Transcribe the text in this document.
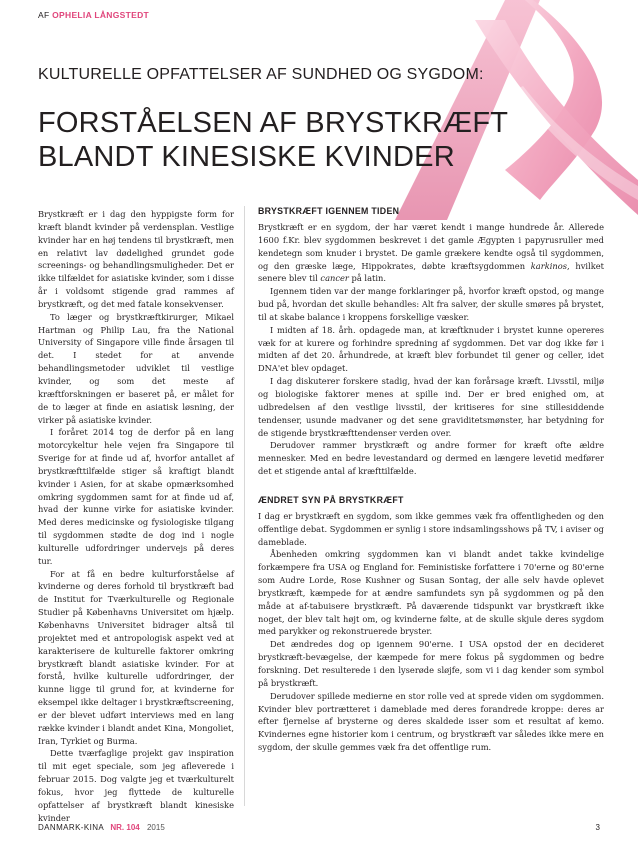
AF OPHELIA LÅNGSTEDT
KULTURELLE OPFATTELSER AF SUNDHED OG SYGDOM:
FORSTÅELSEN AF BRYSTKRÆFT
BLANDT KINESISKE KVINDER

Brystkræft er i dag den hyppigste form for kræft blandt kvinder på verdensplan. Vestlige kvinder har en høj tendens til brystkræft, men en relativt lav dødelighed grundet gode screenings- og behandlingsmuligheder. Det er ikke tilfældet for asiatiske kvinder, som i disse år i voldsomt stigende grad rammes af brystkræft, og det med fatale konsekvenser.

To læger og brystkræftkirurger, Mikael Hartman og Philip Lau, fra the National University of Singapore ville finde årsagen til det. I stedet for at anvende behandlingsmetoder udviklet til vestlige kvinder, og som det meste af kræftforskningen er baseret på, er målet for de to læger at finde en asiatisk løsning, der virker på asiatiske kvinder.

I foråret 2014 tog de derfor på en lang motorcykeltur hele vejen fra Singapore til Sverige for at finde ud af, hvorfor antallet af brystkræfttilfælde stiger så kraftigt blandt kvinder i Asien, for at skabe opmærksomhed omkring sygdommen samt for at finde ud af, hvad der kunne virke for asiatiske kvinder. Med deres medicinske og fysiologiske tilgang til sygdommen stødte de dog ind i nogle kulturelle udfordringer undervejs på deres tur.

For at få en bedre kulturforståelse af kvinderne og deres forhold til brystkræft bad de Institut for Tværkulturelle og Regionale Studier på Københavns Universitet om hjælp. Københavns Universitet bidrager altså til projektet med et antropologisk aspekt ved at karakterisere de kulturelle faktorer omkring brystkræft blandt asiatiske kvinder. For at forstå, hvilke kulturelle udfordringer, der kunne ligge til grund for, at kvinderne for eksempel ikke deltager i brystkræftscreening, er der blevet udført interviews med en lang række kvinder i blandt andet Kina, Mongoliet, Iran, Tyrkiet og Burma.

Dette tværfaglige projekt gav inspiration til mit eget speciale, som jeg afleverede i februar 2015. Dog valgte jeg et tværkulturelt fokus, hvor jeg flyttede de kulturelle opfattelser af brystkræft blandt kinesiske kvinder

BRYSTKRÆFT IGENNEM TIDEN

Brystkræft er en sygdom, der har været kendt i mange hundrede år. Allerede 1600 f.Kr. blev sygdommen beskrevet i det gamle Ægypten i papyrusruller med kendetegn som knuder i brystet. De gamle grækere kendte også til sygdommen, og den græske læge, Hippokrates, døbte kræftsygdommen karkinos, hvilket senere blev til cancer på latin.

Igennem tiden var der mange forklaringer på, hvorfor kræft opstod, og mange bud på, hvordan det skulle behandles: Alt fra salver, der skulle smøres på brystet, til at skabe balance i kroppens forskellige væsker.

I midten af 18. årh. opdagede man, at kræftknuder i brystet kunne opereres væk for at kurere og forhindre spredning af sygdommen. Det var dog ikke før i midten af det 20. århundrede, at kræft blev forbundet til gener og celler, idet DNA'et blev opdaget.

I dag diskuterer forskere stadig, hvad der kan forårsage kræft. Livsstil, miljø og biologiske faktorer menes at spille ind. Der er bred enighed om, at udbredelsen af den vestlige livsstil, der kritiseres for sine stillesiddende tendenser, usunde madvaner og det sene graviditetsmønster, har betydning for de stigende brystkræfttendenser verden over.

Derudover rammer brystkræft og andre former for kræft ofte ældre mennesker. Med en bedre levestandard og dermed en længere levetid medfører det et stigende antal af kræfttilfælde.

ÆNDRET SYN PÅ BRYSTKRÆFT

I dag er brystkræft en sygdom, som ikke gemmes væk fra offentligheden og den offentlige debat. Sygdommen er synlig i store indsamlingsshows på TV, i aviser og dameblade.

Åbenheden omkring sygdommen kan vi blandt andet takke kvindelige forkæmpere fra USA og England for. Feministiske forfattere i 70'erne og 80'erne som Audre Lorde, Rose Kushner og Susan Sontag, der alle selv havde oplevet brystkræft, kæmpede for at ændre samfundets syn på sygdommen og på den måde at af-tabuisere brystkræft. På daværende tidspunkt var brystkræft ikke noget, der blev talt højt om, og kvinderne følte, at de skulle skjule deres sygdom med parykker og rekonstruerede bryster.

Det ændredes dog op igennem 90'erne. I USA opstod der en decideret brystkræft-bevægelse, der kæmpede for mere fokus på sygdommen og bedre forskning. Det resulterede i den lyserøde sløjfe, som vi i dag kender som symbol på brystkræft.

Derudover spillede medierne en stor rolle ved at sprede viden om sygdommen. Kvinder blev portrætteret i dameblade med deres forandrede kroppe: deres ar efter fjernelse af brysterne og deres skaldede isser som et resultat af kemo. Kvindernes egne historier kom i centrum, og brystkræft var således ikke mere en sygdom, der skulle gemmes væk fra det offentlige rum.

DANMARK-KINA NR. 104 2015	3
